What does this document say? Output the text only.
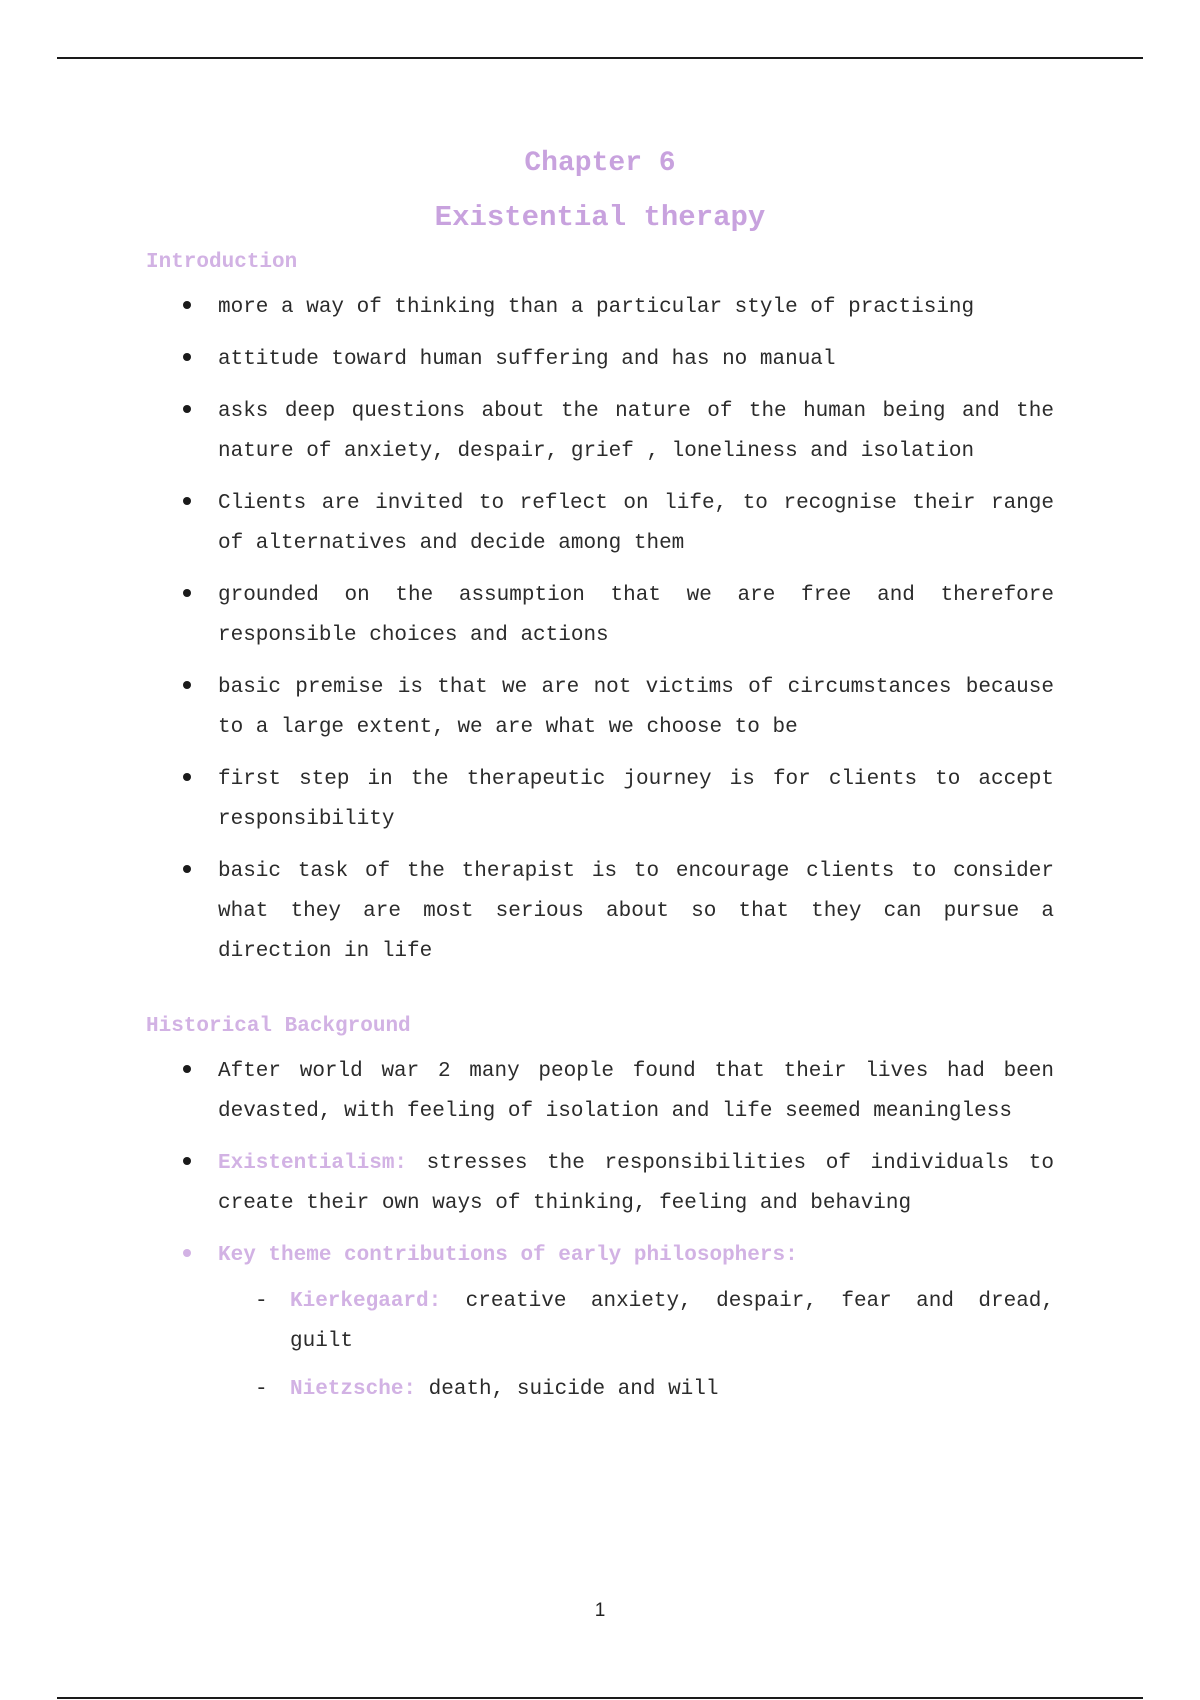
Chapter 6
Existential therapy
Introduction
more a way of thinking than a particular style of practising
attitude toward human suffering and has no manual
asks deep questions about the nature of the human being and the nature of anxiety, despair, grief , loneliness and isolation
Clients are invited to reflect on life, to recognise their range of alternatives and decide among them
grounded on the assumption that we are free and therefore responsible choices and actions
basic premise is that we are not victims of circumstances because to a large extent, we are what we choose to be
first step in the therapeutic journey is for clients to accept responsibility
basic task of the therapist is to encourage clients to consider what they are most serious about so that they can pursue a direction in life
Historical Background
After world war 2 many people found that their lives had been devasted, with feeling of isolation and life seemed meaningless
Existentialism: stresses the responsibilities of individuals to create their own ways of thinking, feeling and behaving
Key theme contributions of early philosophers:
- Kierkegaard: creative anxiety, despair, fear and dread, guilt
- Nietzsche: death, suicide and will
1
